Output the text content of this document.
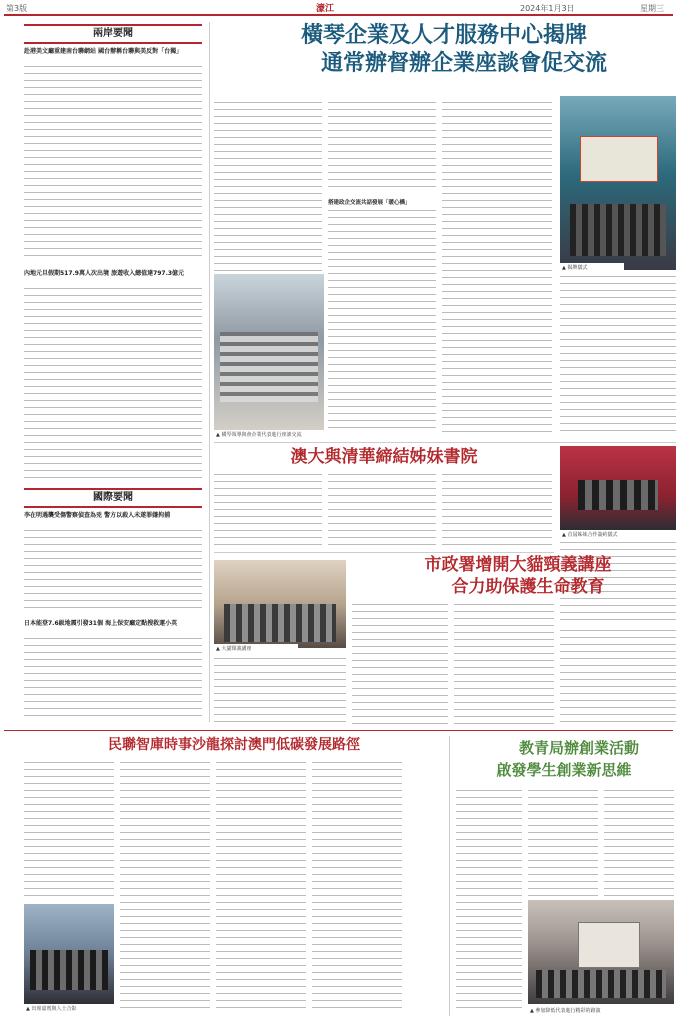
第3版	濠江	2024年1月3日	星期三
兩岸要聞
赴港美文廳重建南台聯網站 國台辦稱台聯與美反對「台獨」
內地元旦假期517.9萬人次出境 旅遊收入總值達797.3億元
國際要聞
李在明遇襲受傷警察偵查為兇 警方以殺人未遂罪嫌拘捕
日本能登7.6級地震引發31個 海上保安廳定點搜救運小英
橫琴企業及人才服務中心揭牌
通常辦督辦企業座談會促交流
搭建政企交流共話發展「暖心橋」
▲ 揭牌儀式
▲ 橫琴領導與會企業代表進行座談交流
澳大與清華締結姊妹書院
▲ 首屆姊妹合作簽約儀式
市政署增開大貓頸義講座
合力助保護生命教育
▲ 大貓頸義講座
民聯智庫時事沙龍探討澳門低碳發展路徑
▲ 出席嘉賓與人士合影
教青局辦創業活動
啟發學生創業新思維
▲ 參加降低代表進行精彩的路演
